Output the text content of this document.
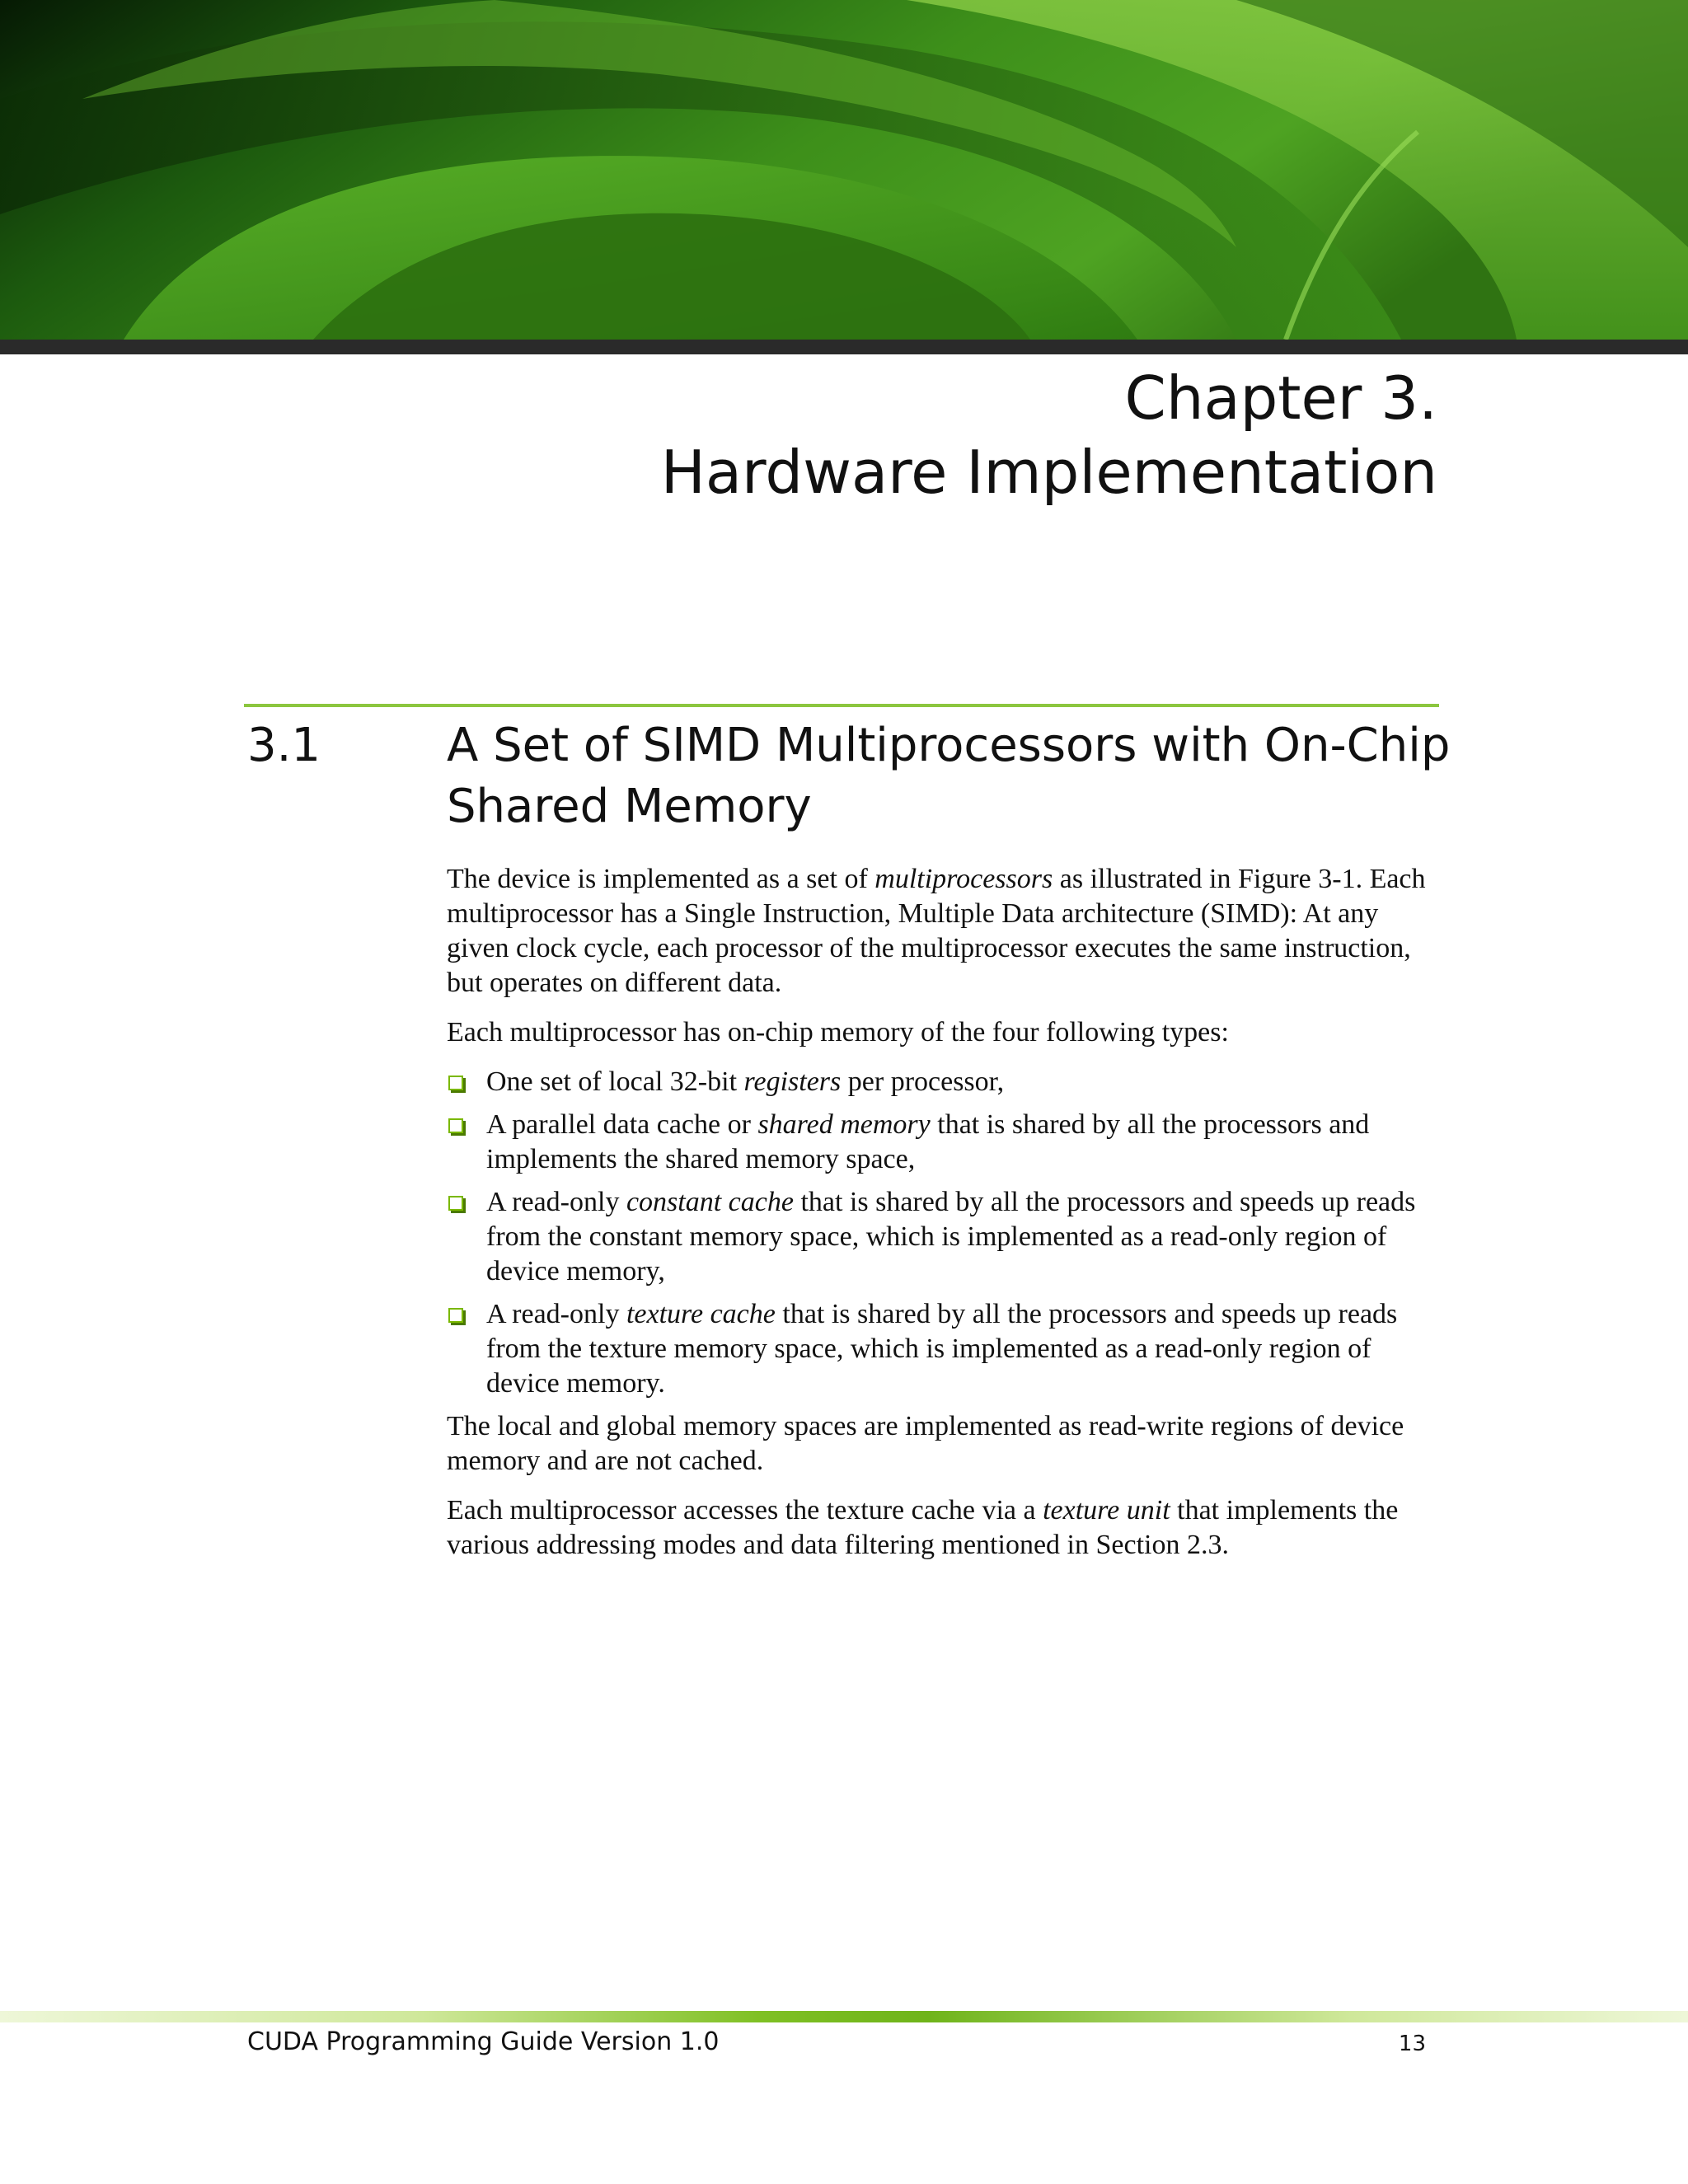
Chapter 3.
Hardware Implementation
3.1	A Set of SIMD Multiprocessors with On-Chip Shared Memory

The device is implemented as a set of multiprocessors as illustrated in Figure 3-1. Each multiprocessor has a Single Instruction, Multiple Data architecture (SIMD): At any given clock cycle, each processor of the multiprocessor executes the same instruction, but operates on different data.

Each multiprocessor has on-chip memory of the four following types:

One set of local 32-bit registers per processor,
A parallel data cache or shared memory that is shared by all the processors and implements the shared memory space,
A read-only constant cache that is shared by all the processors and speeds up reads from the constant memory space, which is implemented as a read-only region of device memory,
A read-only texture cache that is shared by all the processors and speeds up reads from the texture memory space, which is implemented as a read-only region of device memory.

The local and global memory spaces are implemented as read-write regions of device memory and are not cached.

Each multiprocessor accesses the texture cache via a texture unit that implements the various addressing modes and data filtering mentioned in Section 2.3.

CUDA Programming Guide Version 1.0	13
